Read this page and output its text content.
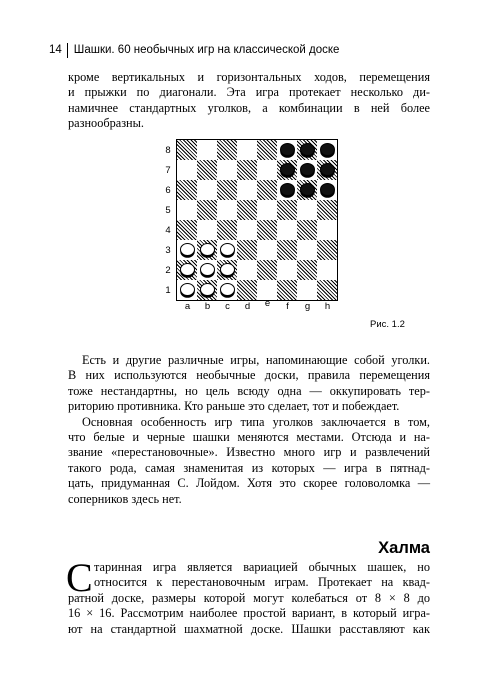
14	Шашки. 60 необычных игр на классической доске
кроме вертикальных и горизонтальных ходов, перемещения
и прыжки по диагонали. Эта игра протекает несколько ди-
намичнее стандартных уголков, а комбинации в ней более
разнообразны.
8
7
6
5
4
3
2
1
a	b	c	d	e	f	g	h
Рис. 1.2
Есть и другие различные игры, напоминающие собой уголки.
В них используются необычные доски, правила перемещения
тоже нестандартны, но цель всюду одна — оккупировать тер-
риторию противника. Кто раньше это сделает, тот и побеждает.
Основная особенность игр типа уголков заключается в том,
что белые и черные шашки меняются местами. Отсюда и на-
звание «перестановочные». Известно много игр и развлечений
такого рода, самая знаменитая из которых — игра в пятнад-
цать, придуманная С. Лойдом. Хотя это скорее головоломка —
соперников здесь нет.
Халма
С таринная игра является вариацией обычных шашек, но
относится к перестановочным играм. Протекает на квад-
ратной доске, размеры которой могут колебаться от 8 × 8 до
16 × 16. Рассмотрим наиболее простой вариант, в который игра-
ют на стандартной шахматной доске. Шашки расставляют как
